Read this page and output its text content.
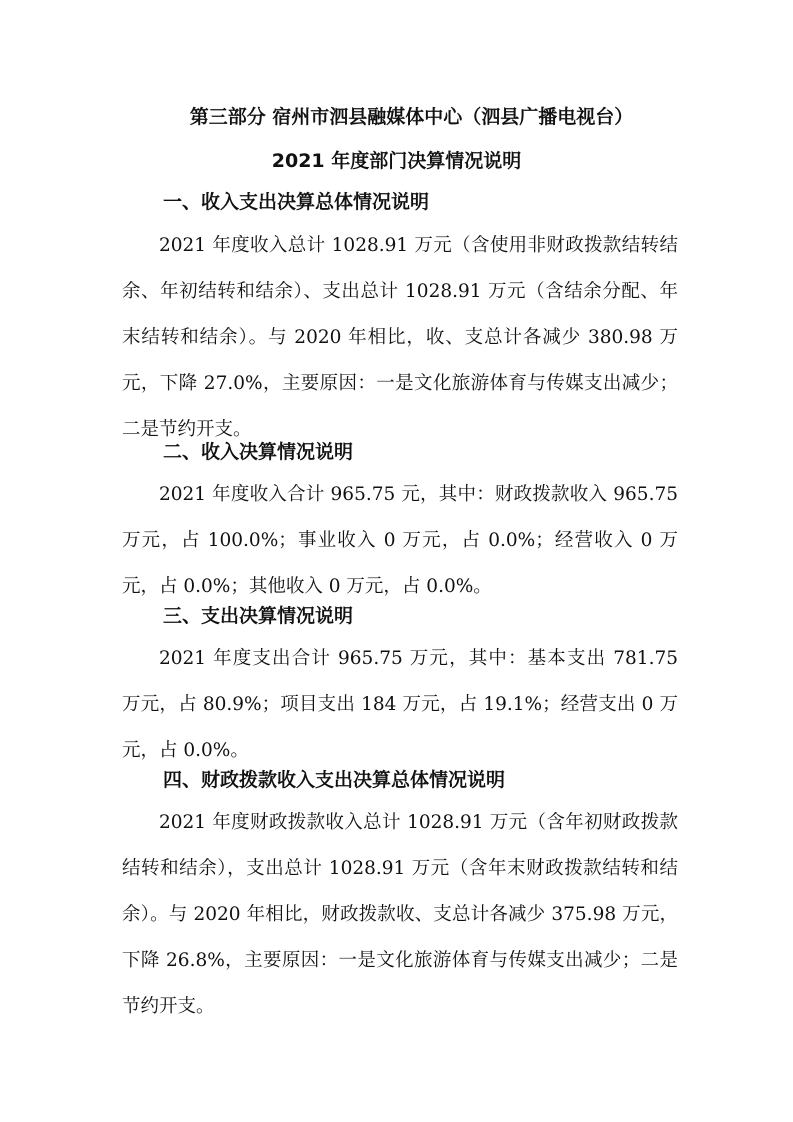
第三部分 宿州市泗县融媒体中心（泗县广播电视台）
2021 年度部门决算情况说明
一、收入支出决算总体情况说明

2021 年度收入总计 1028.91 万元（含使用非财政拨款结转结余、年初结转和结余）、支出总计 1028.91 万元（含结余分配、年末结转和结余）。与 2020 年相比，收、支总计各减少 380.98 万元，下降 27.0%，主要原因：一是文化旅游体育与传媒支出减少；二是节约开支。

二、收入决算情况说明

2021 年度收入合计 965.75 元，其中：财政拨款收入 965.75 万元，占 100.0%；事业收入 0 万元，占 0.0%；经营收入 0 万元，占 0.0%；其他收入 0 万元，占 0.0%。

三、支出决算情况说明

2021 年度支出合计 965.75 万元，其中：基本支出 781.75 万元，占 80.9%；项目支出 184 万元，占 19.1%；经营支出 0 万元，占 0.0%。

四、财政拨款收入支出决算总体情况说明

2021 年度财政拨款收入总计 1028.91 万元（含年初财政拨款结转和结余），支出总计 1028.91 万元（含年末财政拨款结转和结余）。与 2020 年相比，财政拨款收、支总计各减少 375.98 万元，下降 26.8%，主要原因：一是文化旅游体育与传媒支出减少；二是节约开支。
